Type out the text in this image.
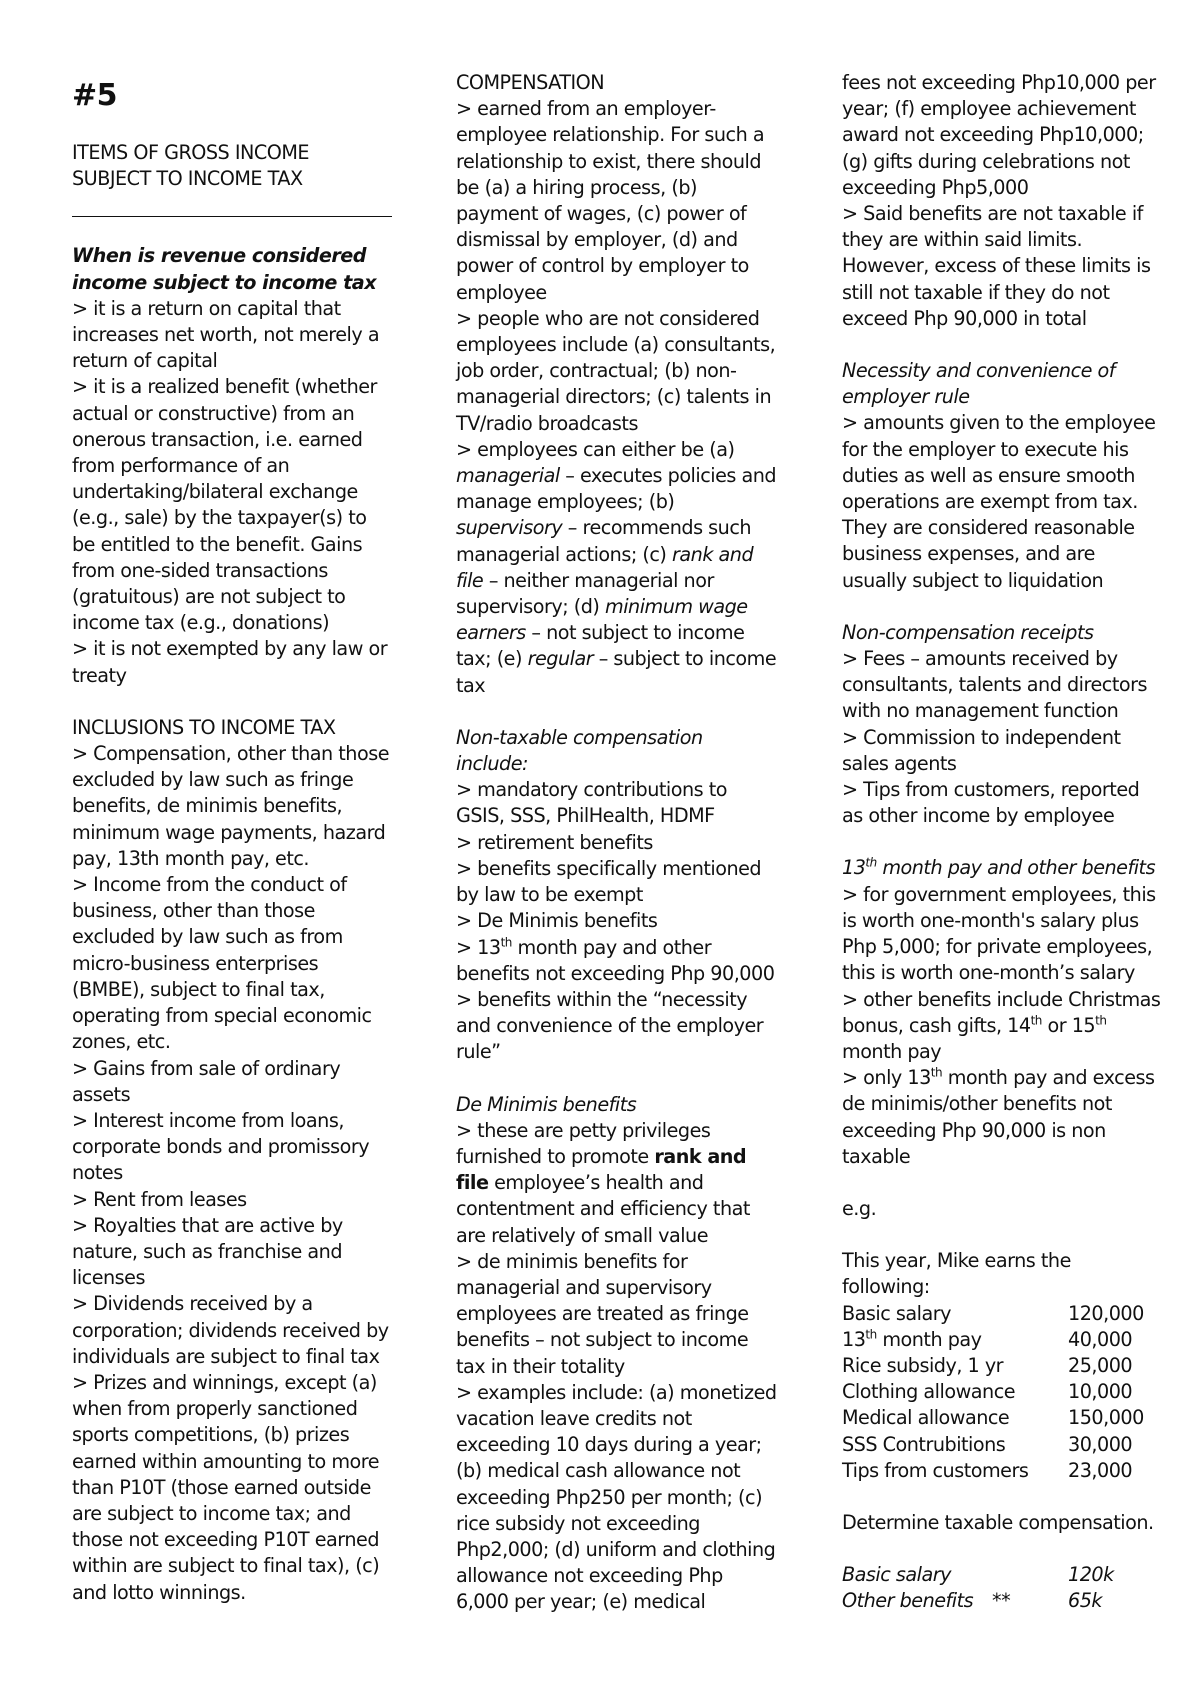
#5
ITEMS OF GROSS INCOME
SUBJECT TO INCOME TAX
When is revenue considered income subject to income tax
> it is a return on capital that increases net worth, not merely a return of capital
> it is a realized benefit (whether actual or constructive) from an onerous transaction, i.e. earned from performance of an undertaking/bilateral exchange (e.g., sale) by the taxpayer(s) to be entitled to the benefit. Gains from one-sided transactions (gratuitous) are not subject to income tax (e.g., donations)
> it is not exempted by any law or treaty
INCLUSIONS TO INCOME TAX
> Compensation, other than those excluded by law such as fringe benefits, de minimis benefits, minimum wage payments, hazard pay, 13th month pay, etc.
> Income from the conduct of business, other than those excluded by law such as from micro-business enterprises (BMBE), subject to final tax, operating from special economic zones, etc.
> Gains from sale of ordinary assets
> Interest income from loans, corporate bonds and promissory notes
> Rent from leases
> Royalties that are active by nature, such as franchise and licenses
> Dividends received by a corporation; dividends received by individuals are subject to final tax
> Prizes and winnings, except (a) when from properly sanctioned sports competitions, (b) prizes earned within amounting to more than P10T (those earned outside are subject to income tax; and those not exceeding P10T earned within are subject to final tax), (c) and lotto winnings.
COMPENSATION
> earned from an employer-employee relationship. For such a relationship to exist, there should be (a) a hiring process, (b) payment of wages, (c) power of dismissal by employer, (d) and power of control by employer to employee
> people who are not considered employees include (a) consultants, job order, contractual; (b) non-managerial directors; (c) talents in TV/radio broadcasts
> employees can either be (a) managerial – executes policies and manage employees; (b) supervisory – recommends such managerial actions; (c) rank and file – neither managerial nor supervisory; (d) minimum wage earners – not subject to income tax; (e) regular – subject to income tax
Non-taxable compensation include:
> mandatory contributions to GSIS, SSS, PhilHealth, HDMF
> retirement benefits
> benefits specifically mentioned by law to be exempt
> De Minimis benefits
> 13th month pay and other benefits not exceeding Php 90,000
> benefits within the “necessity and convenience of the employer rule”
De Minimis benefits
> these are petty privileges furnished to promote rank and file employee’s health and contentment and efficiency that are relatively of small value
> de minimis benefits for managerial and supervisory employees are treated as fringe benefits – not subject to income tax in their totality
> examples include: (a) monetized vacation leave credits not exceeding 10 days during a year; (b) medical cash allowance not exceeding Php250 per month; (c) rice subsidy not exceeding Php2,000; (d) uniform and clothing allowance not exceeding Php 6,000 per year; (e) medical
fees not exceeding Php10,000 per year; (f) employee achievement award not exceeding Php10,000; (g) gifts during celebrations not exceeding Php5,000
> Said benefits are not taxable if they are within said limits. However, excess of these limits is still not taxable if they do not exceed Php 90,000 in total
Necessity and convenience of employer rule
> amounts given to the employee for the employer to execute his duties as well as ensure smooth operations are exempt from tax. They are considered reasonable business expenses, and are usually subject to liquidation
Non-compensation receipts
> Fees – amounts received by consultants, talents and directors with no management function
> Commission to independent sales agents
> Tips from customers, reported as other income by employee
13th month pay and other benefits
> for government employees, this is worth one-month's salary plus Php 5,000; for private employees, this is worth one-month’s salary
> other benefits include Christmas bonus, cash gifts, 14th or 15th month pay
> only 13th month pay and excess de minimis/other benefits not exceeding Php 90,000 is non taxable
e.g.
This year, Mike earns the following:
Basic salary	120,000
13th month pay	40,000
Rice subsidy, 1 yr	25,000
Clothing allowance	10,000
Medical allowance	150,000
SSS Contrubitions	30,000
Tips from customers	23,000
Determine taxable compensation.
Basic salary		120k
Other benefits	**	65k
